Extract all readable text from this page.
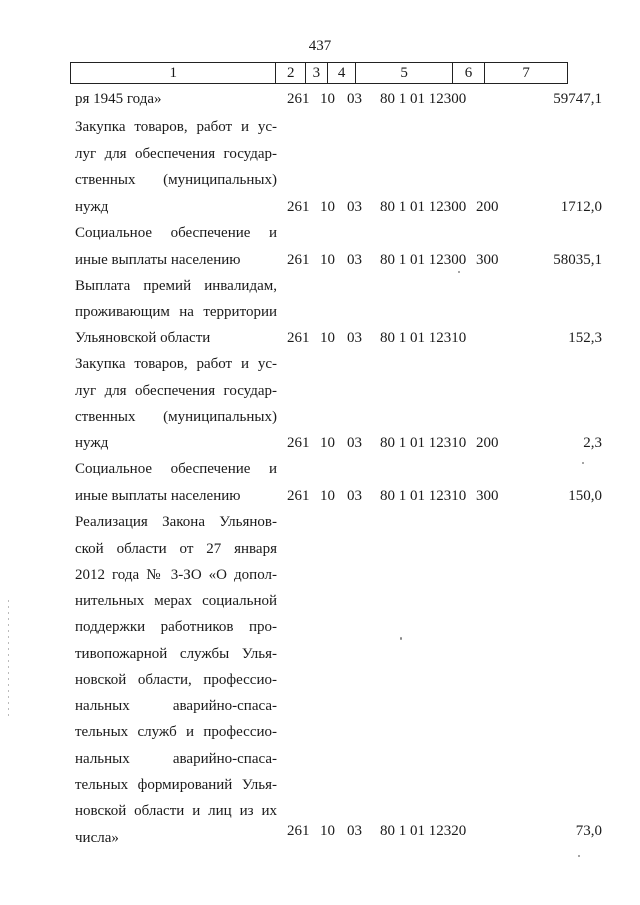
437
1	2	3	4	5	6	7
ря 1945 года»	261 10 03 80 1 01 12300	59747,1
Закупка товаров, работ и ус-
луг для обеспечения государ-
ственных (муниципальных)
нужд	261 10 03 80 1 01 12300 200	1712,0
Социальное обеспечение и
иные выплаты населению	261 10 03 80 1 01 12300 300	58035,1
Выплата премий инвалидам,
проживающим на территории
Ульяновской области	261 10 03 80 1 01 12310	152,3
Закупка товаров, работ и ус-
луг для обеспечения государ-
ственных (муниципальных)
нужд	261 10 03 80 1 01 12310 200	2,3
Социальное обеспечение и
иные выплаты населению	261 10 03 80 1 01 12310 300	150,0
Реализация Закона Ульянов-
ской области от 27 января
2012 года № 3-ЗО «О допол-
нительных мерах социальной
поддержки работников про-
тивопожарной службы Улья-
новской области, профессио-
нальных аварийно-спаса-
тельных служб и профессио-
нальных аварийно-спаса-
тельных формирований Улья-
новской области и лиц из их
числа»	261 10 03 80 1 01 12320	73,0
